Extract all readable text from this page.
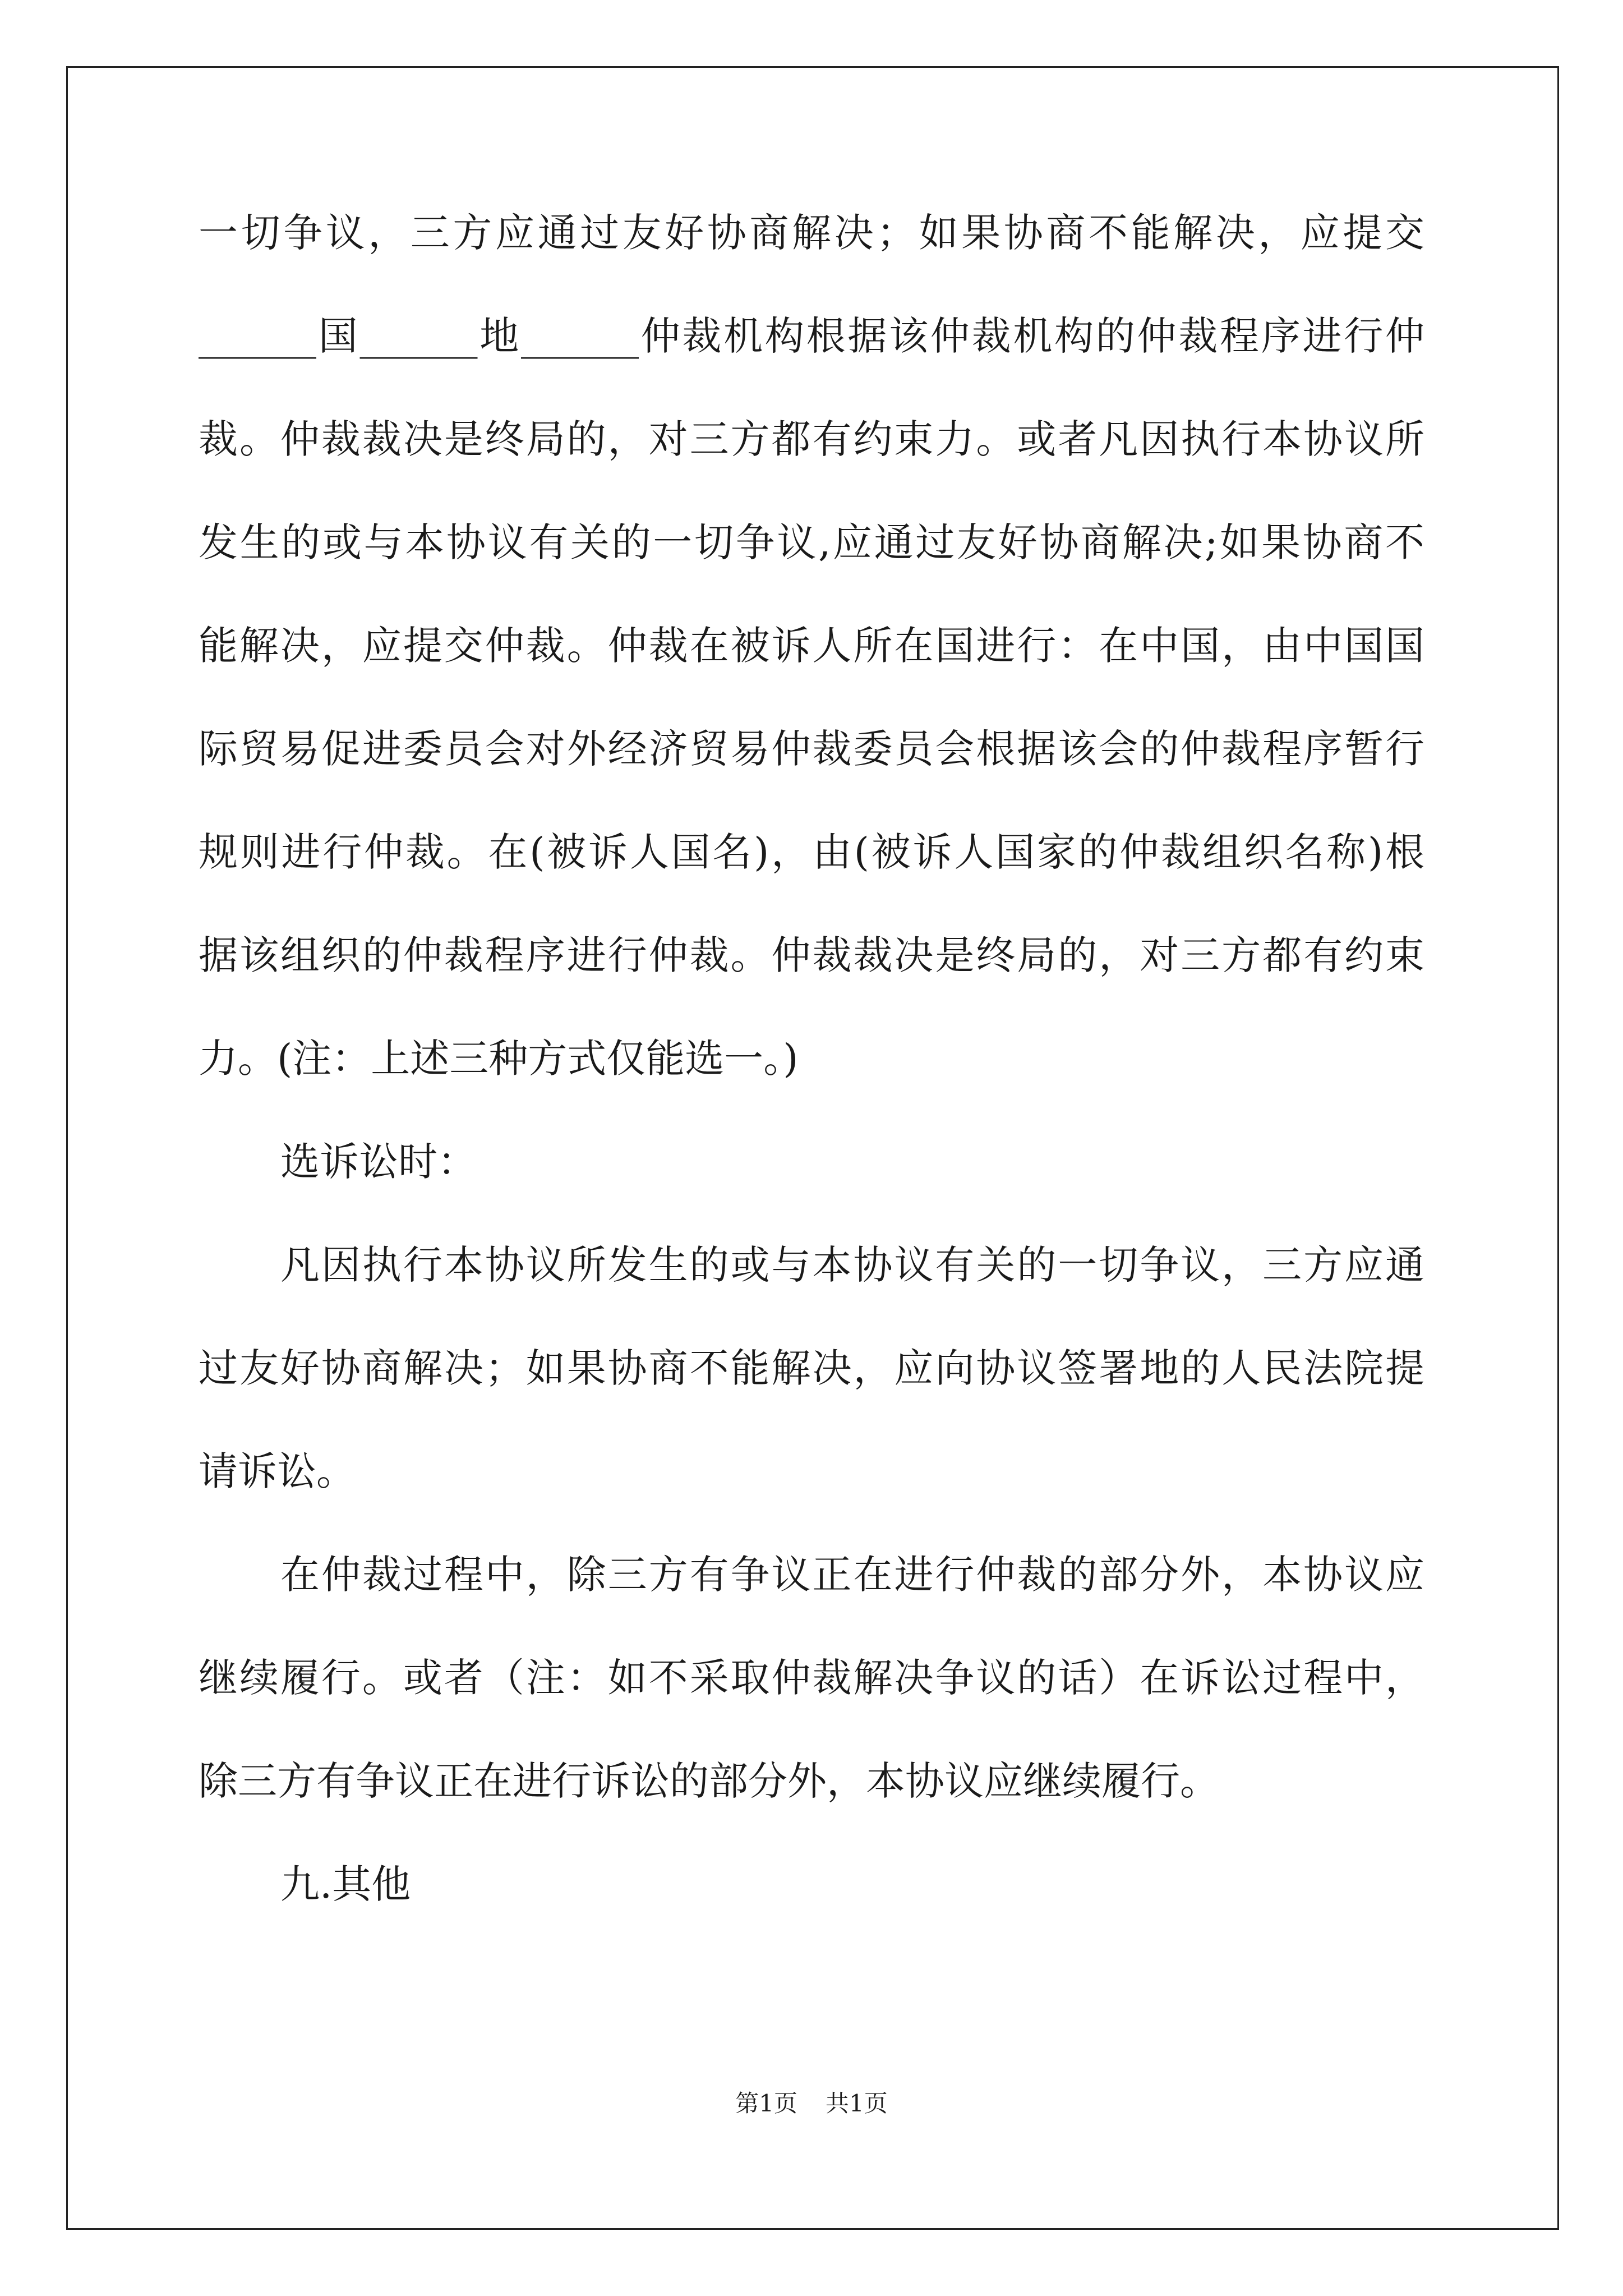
一切争议，三方应通过友好协商解决；如果协商不能解决，应提交
______国______地______仲裁机构根据该仲裁机构的仲裁程序进行仲
裁。仲裁裁决是终局的，对三方都有约束力。或者凡因执行本协议所
发生的或与本协议有关的一切争议,应通过友好协商解决;如果协商不
能解决，应提交仲裁。仲裁在被诉人所在国进行：在中国，由中国国
际贸易促进委员会对外经济贸易仲裁委员会根据该会的仲裁程序暂行
规则进行仲裁。在(被诉人国名)，由(被诉人国家的仲裁组织名称)根
据该组织的仲裁程序进行仲裁。仲裁裁决是终局的，对三方都有约束
力。(注：上述三种方式仅能选一。)
选诉讼时：
凡因执行本协议所发生的或与本协议有关的一切争议，三方应通
过友好协商解决；如果协商不能解决，应向协议签署地的人民法院提
请诉讼。
在仲裁过程中，除三方有争议正在进行仲裁的部分外，本协议应
继续履行。或者（注：如不采取仲裁解决争议的话）在诉讼过程中，
除三方有争议正在进行诉讼的部分外，本协议应继续履行。
九.其他
第1页 共1页
